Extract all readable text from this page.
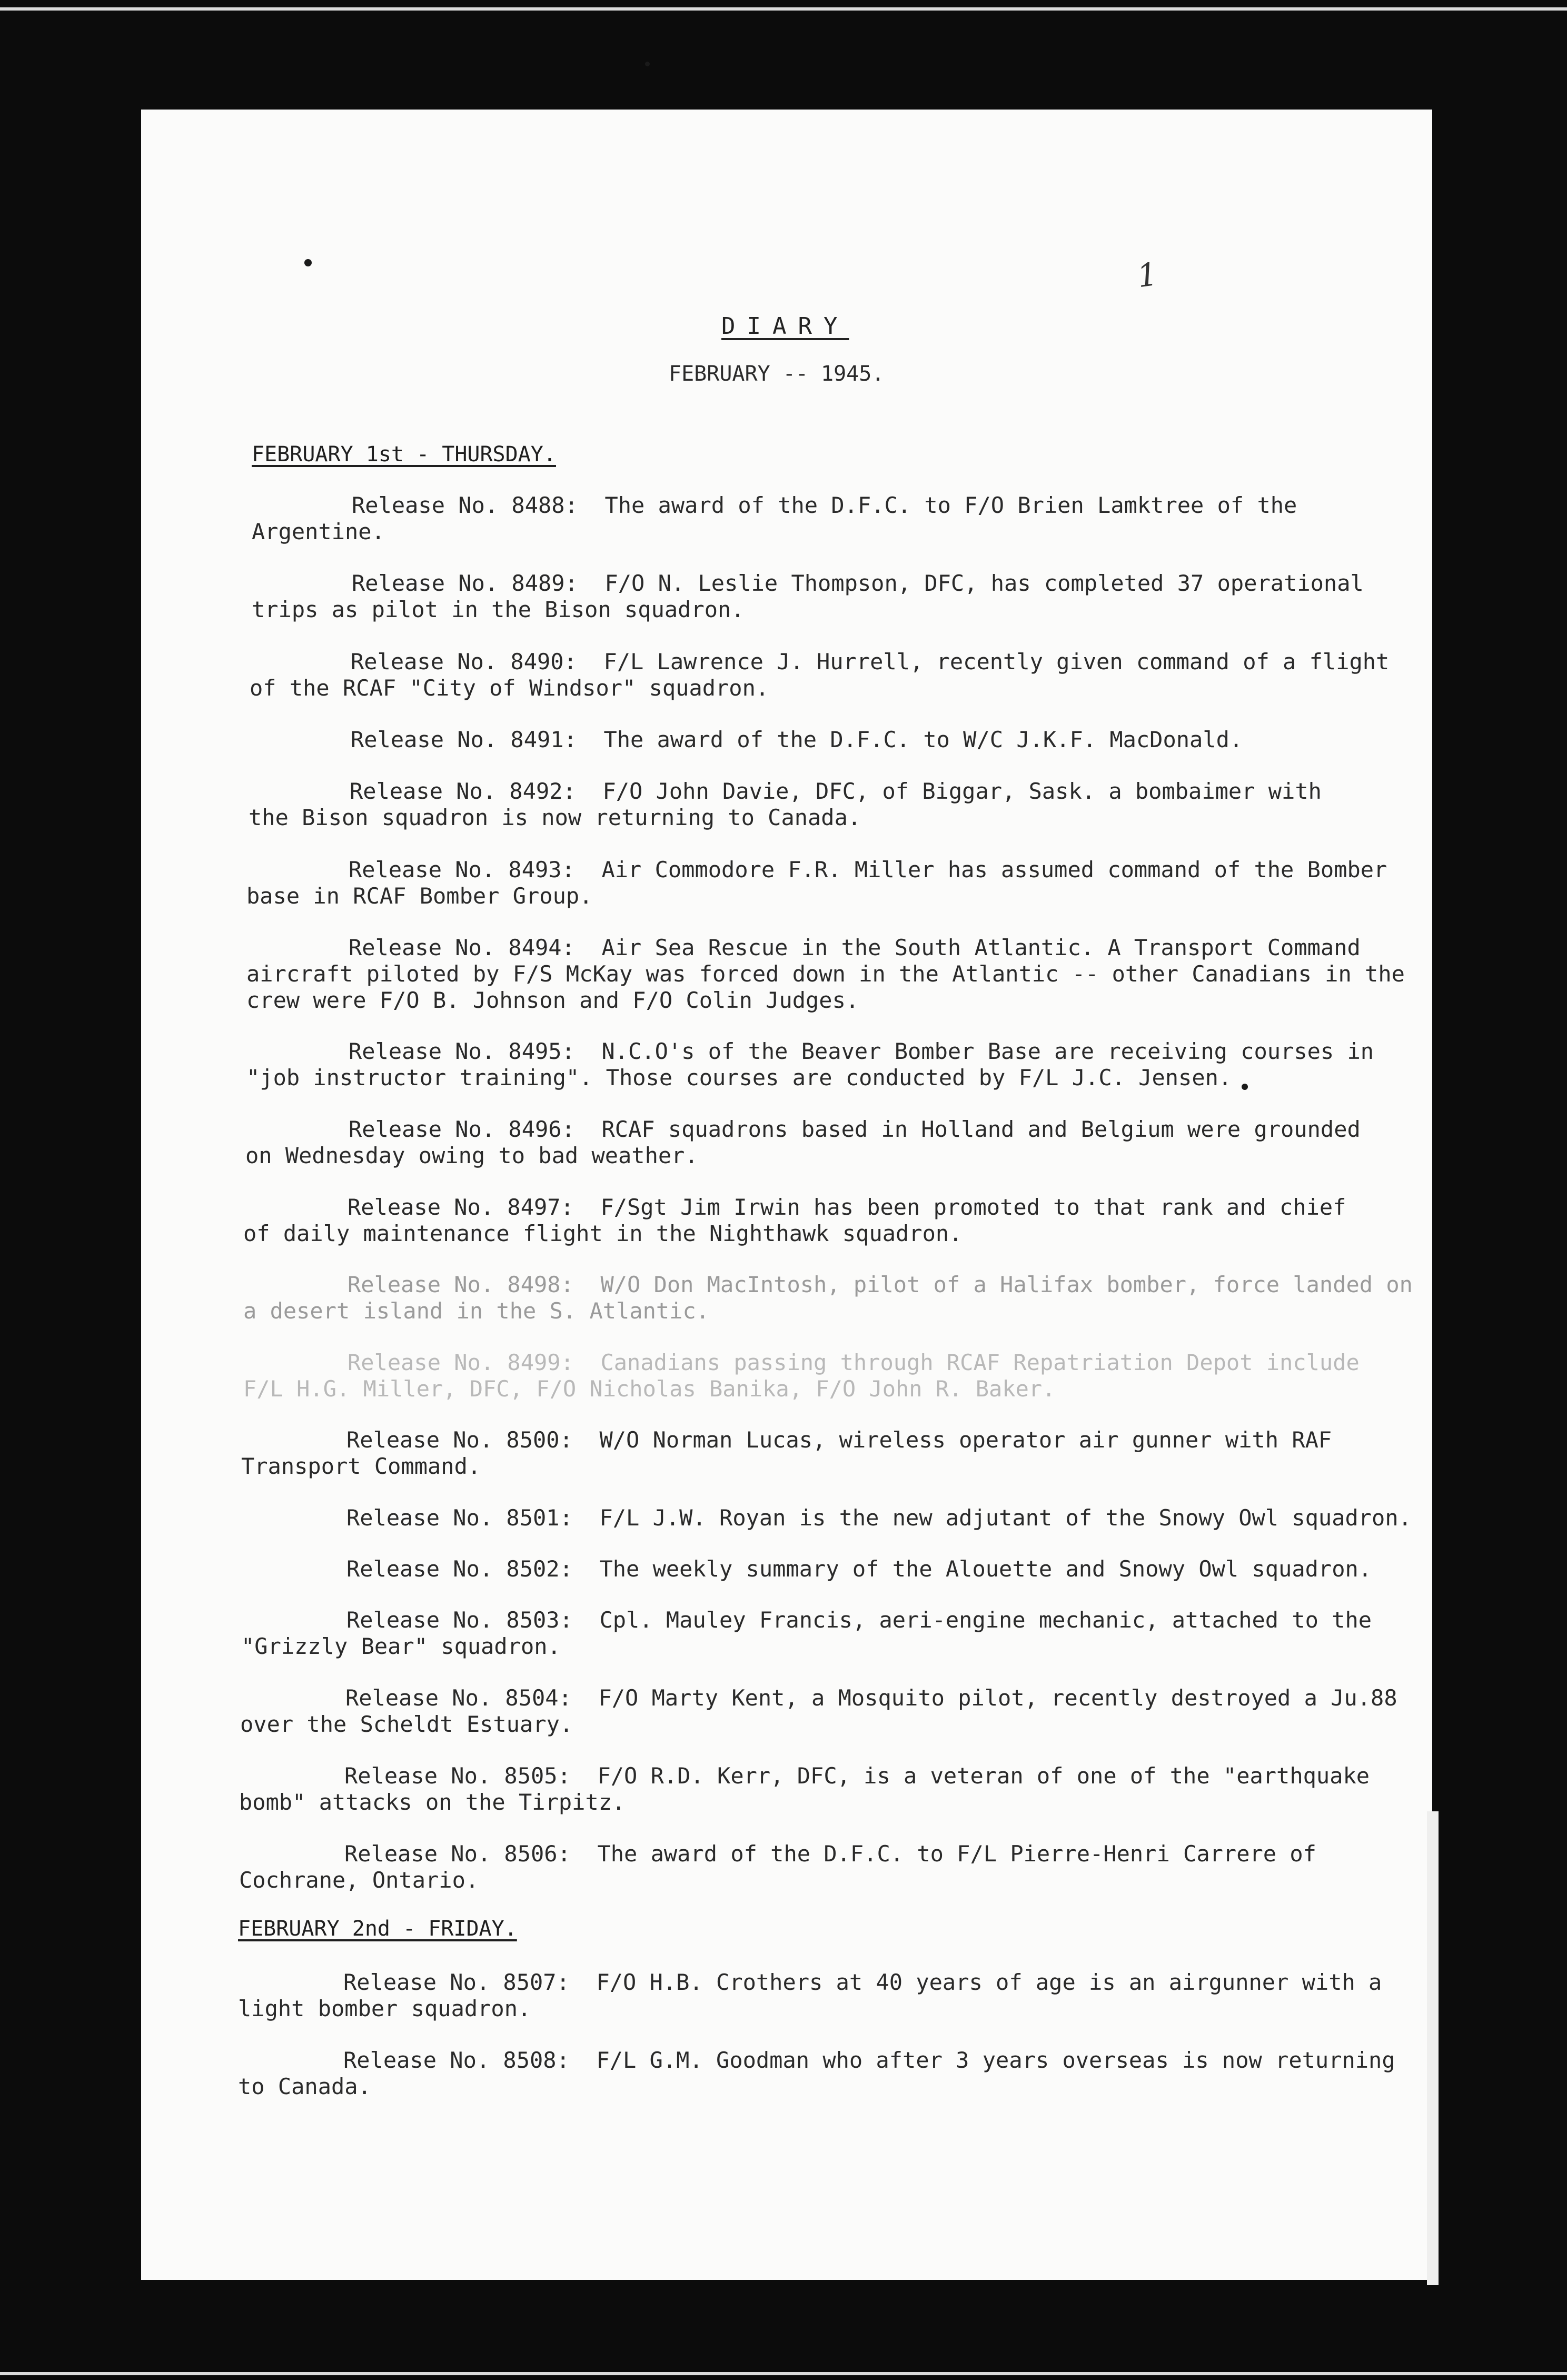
1
DIARY
FEBRUARY -- 1945.
FEBRUARY 1st - THURSDAY.
Release No. 8488: The award of the D.F.C. to F/O Brien Lamktree of the
Argentine.
Release No. 8489: F/O N. Leslie Thompson, DFC, has completed 37 operational
trips as pilot in the Bison squadron.
Release No. 8490: F/L Lawrence J. Hurrell, recently given command of a flight
of the RCAF "City of Windsor" squadron.
Release No. 8491: The award of the D.F.C. to W/C J.K.F. MacDonald.
Release No. 8492: F/O John Davie, DFC, of Biggar, Sask. a bombaimer with
the Bison squadron is now returning to Canada.
Release No. 8493: Air Commodore F.R. Miller has assumed command of the Bomber
base in RCAF Bomber Group.
Release No. 8494: Air Sea Rescue in the South Atlantic. A Transport Command
aircraft piloted by F/S McKay was forced down in the Atlantic -- other Canadians in the
crew were F/O B. Johnson and F/O Colin Judges.
Release No. 8495: N.C.O's of the Beaver Bomber Base are receiving courses in
"job instructor training". Those courses are conducted by F/L J.C. Jensen.
Release No. 8496: RCAF squadrons based in Holland and Belgium were grounded
on Wednesday owing to bad weather.
Release No. 8497: F/Sgt Jim Irwin has been promoted to that rank and chief
of daily maintenance flight in the Nighthawk squadron.
Release No. 8498: W/O Don MacIntosh, pilot of a Halifax bomber, force landed on
a desert island in the S. Atlantic.
Release No. 8499: Canadians passing through RCAF Repatriation Depot include
F/L H.G. Miller, DFC, F/O Nicholas Banika, F/O John R. Baker.
Release No. 8500: W/O Norman Lucas, wireless operator air gunner with RAF
Transport Command.
Release No. 8501: F/L J.W. Royan is the new adjutant of the Snowy Owl squadron.
Release No. 8502: The weekly summary of the Alouette and Snowy Owl squadron.
Release No. 8503: Cpl. Mauley Francis, aeri-engine mechanic, attached to the
"Grizzly Bear" squadron.
Release No. 8504: F/O Marty Kent, a Mosquito pilot, recently destroyed a Ju.88
over the Scheldt Estuary.
Release No. 8505: F/O R.D. Kerr, DFC, is a veteran of one of the "earthquake
bomb" attacks on the Tirpitz.
Release No. 8506: The award of the D.F.C. to F/L Pierre-Henri Carrere of
Cochrane, Ontario.
FEBRUARY 2nd - FRIDAY.
Release No. 8507: F/O H.B. Crothers at 40 years of age is an airgunner with a
light bomber squadron.
Release No. 8508: F/L G.M. Goodman who after 3 years overseas is now returning
to Canada.
